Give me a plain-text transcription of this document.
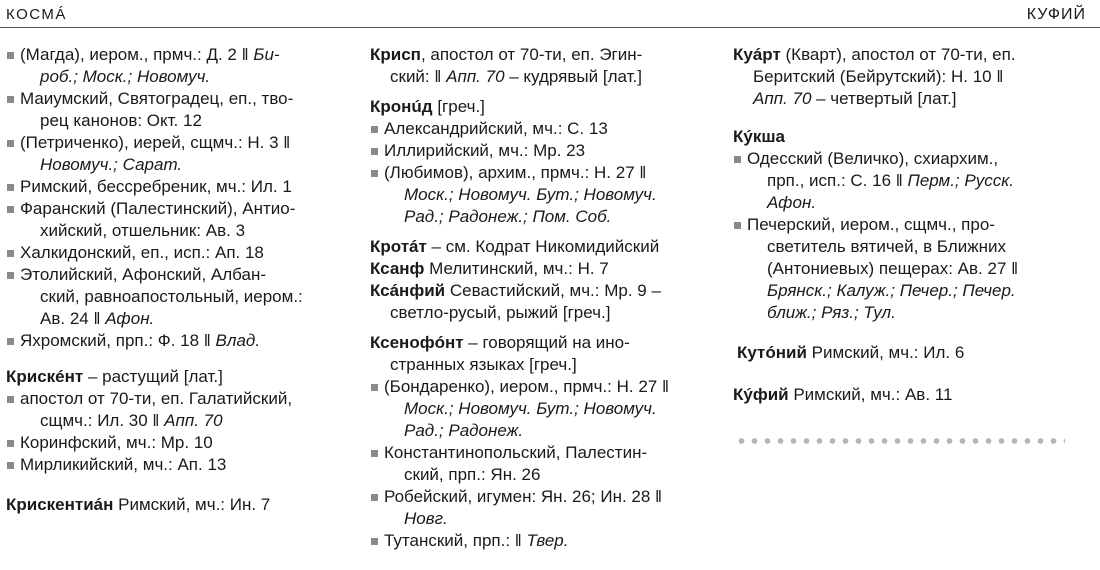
КОСМÁ	КУФИЙ
(Магда), иером., прмч.: Д. 2 ‖ Би-
роб.; Моск.; Новомуч.
Маиумский, Святоградец, еп., тво-
рец канонов: Окт. 12
(Петриченко), иерей, сщмч.: Н. 3 ‖
Новомуч.; Сарат.
Римский, бессребреник, мч.: Ил. 1
Фаранский (Палестинский), Антио-
хийский, отшельник: Ав. 3
Халкидонский, еп., исп.: Ап. 18
Этолийский, Афонский, Албан-
ский, равноапостольный, иером.:
Ав. 24 ‖ Афон.
Яхромский, прп.: Ф. 18 ‖ Влад.
Крискéнт – растущий [лат.]
апостол от 70-ти, еп. Галатийский,
сщмч.: Ил. 30 ‖ Апп. 70
Коринфский, мч.: Мр. 10
Мирликийский, мч.: Ап. 13
Крискентиáн Римский, мч.: Ин. 7
Крисп, апостол от 70-ти, еп. Эгин-
ский: ‖ Апп. 70 – кудрявый [лат.]
Кронúд [греч.]
Александрийский, мч.: С. 13
Иллирийский, мч.: Мр. 23
(Любимов), архим., прмч.: Н. 27 ‖
Моск.; Новомуч. Бут.; Новомуч.
Рад.; Радонеж.; Пом. Соб.
Кротáт – см. Кодрат Никомидийский
Ксанф Мелитинский, мч.: Н. 7
Ксáнфий Севастийский, мч.: Мр. 9 –
светло-русый, рыжий [греч.]
Ксенофóнт – говорящий на ино-
странных языках [греч.]
(Бондаренко), иером., прмч.: Н. 27 ‖
Моск.; Новомуч. Бут.; Новомуч.
Рад.; Радонеж.
Константинопольский, Палестин-
ский, прп.: Ян. 26
Робейский, игумен: Ян. 26; Ин. 28 ‖
Новг.
Тутанский, прп.: ‖ Твер.
Куáрт (Кварт), апостол от 70-ти, еп.
Беритский (Бейрутский): Н. 10 ‖
Апп. 70 – четвертый [лат.]
Кýкша
Одесский (Величко), схиархим.,
прп., исп.: С. 16 ‖ Перм.; Русск.
Афон.
Печерский, иером., сщмч., про-
светитель вятичей, в Ближних
(Антониевых) пещерах: Ав. 27 ‖
Брянск.; Калуж.; Печер.; Печер.
ближ.; Ряз.; Тул.
Кутóний Римский, мч.: Ил. 6
Кýфий Римский, мч.: Ав. 11
